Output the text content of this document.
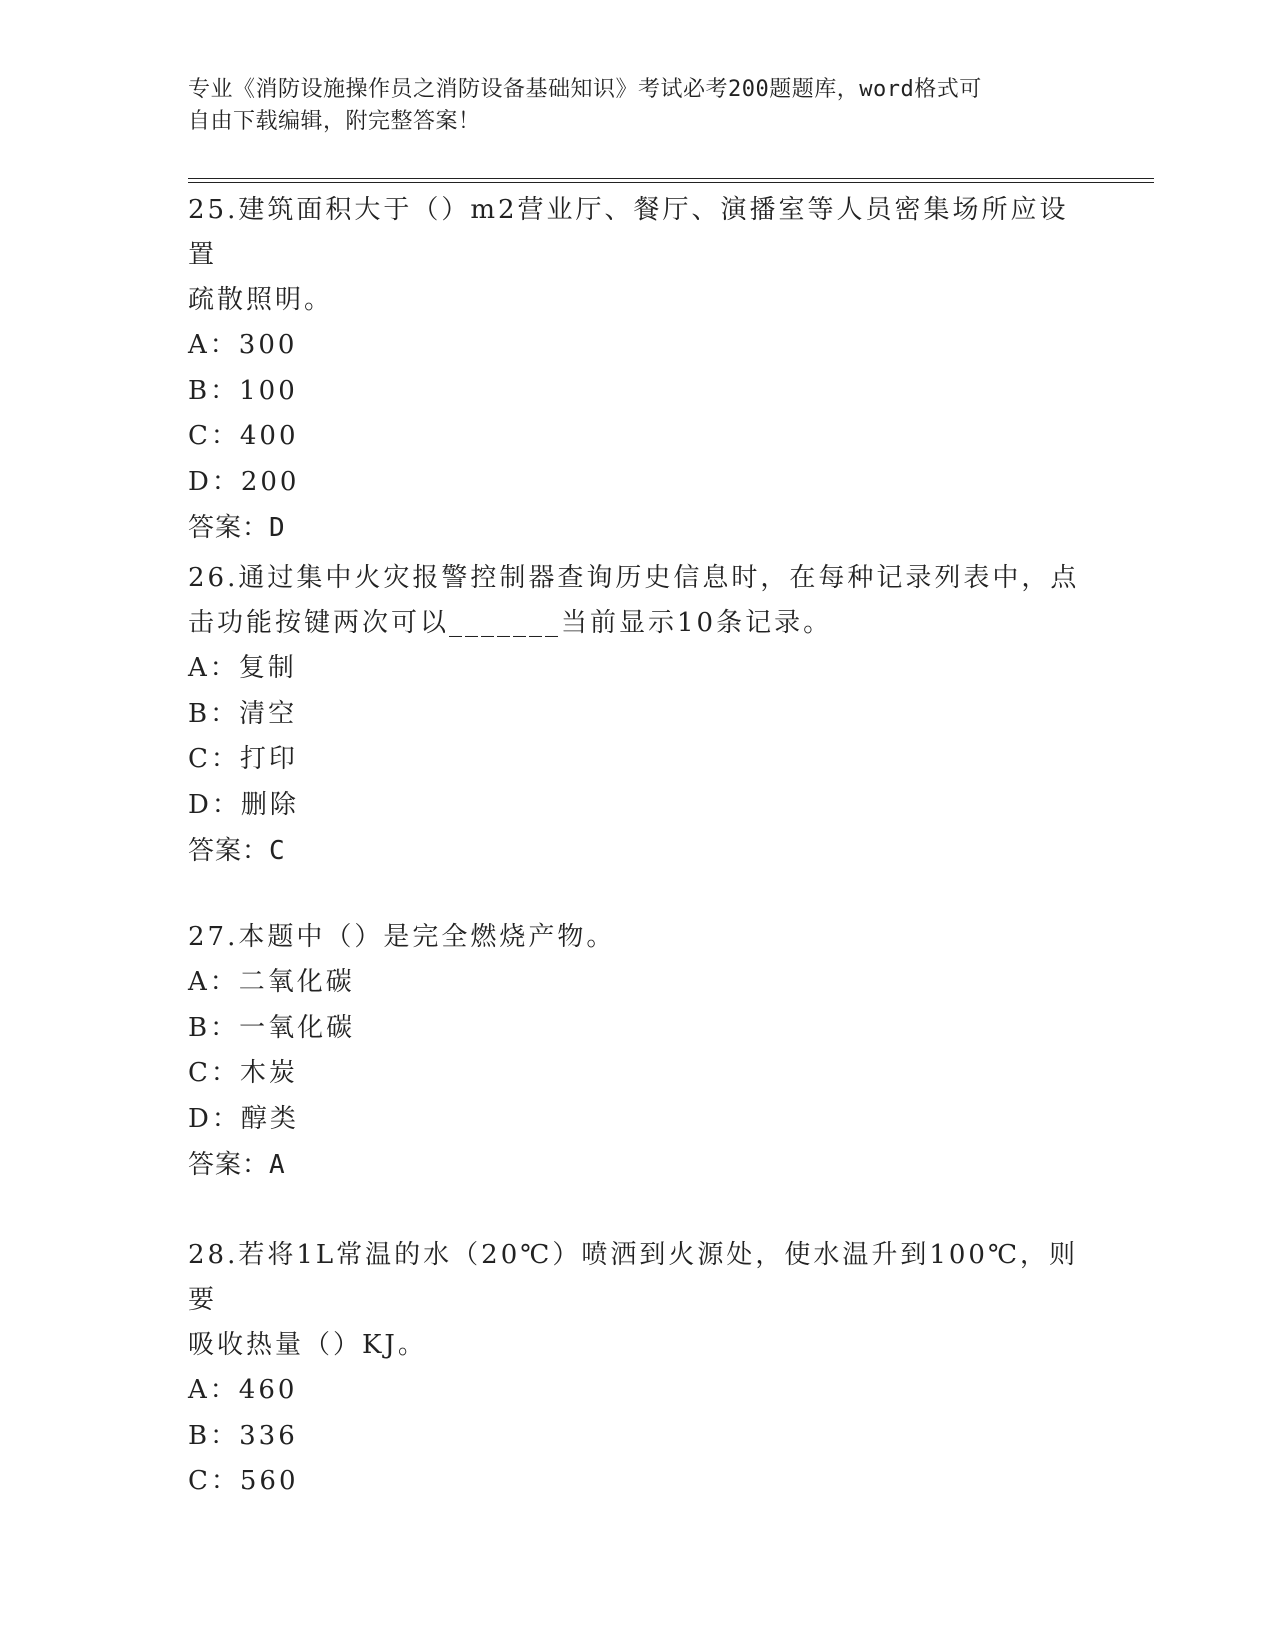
专业《消防设施操作员之消防设备基础知识》考试必考200题题库，word格式可
自由下载编辑，附完整答案！

25.建筑面积大于（）m2营业厅、餐厅、演播室等人员密集场所应设置

疏散照明。

A：300

B：100

C：400

D：200

答案：D

26.通过集中火灾报警控制器查询历史信息时，在每种记录列表中，点

击功能按键两次可以_______当前显示10条记录。

A：复制

B：清空

C：打印

D：删除

答案：C

27.本题中（）是完全燃烧产物。

A：二氧化碳

B：一氧化碳

C：木炭

D：醇类

答案：A

28.若将1L常温的水（20℃）喷洒到火源处，使水温升到100℃，则要

吸收热量（）KJ。

A：460

B：336

C：560
